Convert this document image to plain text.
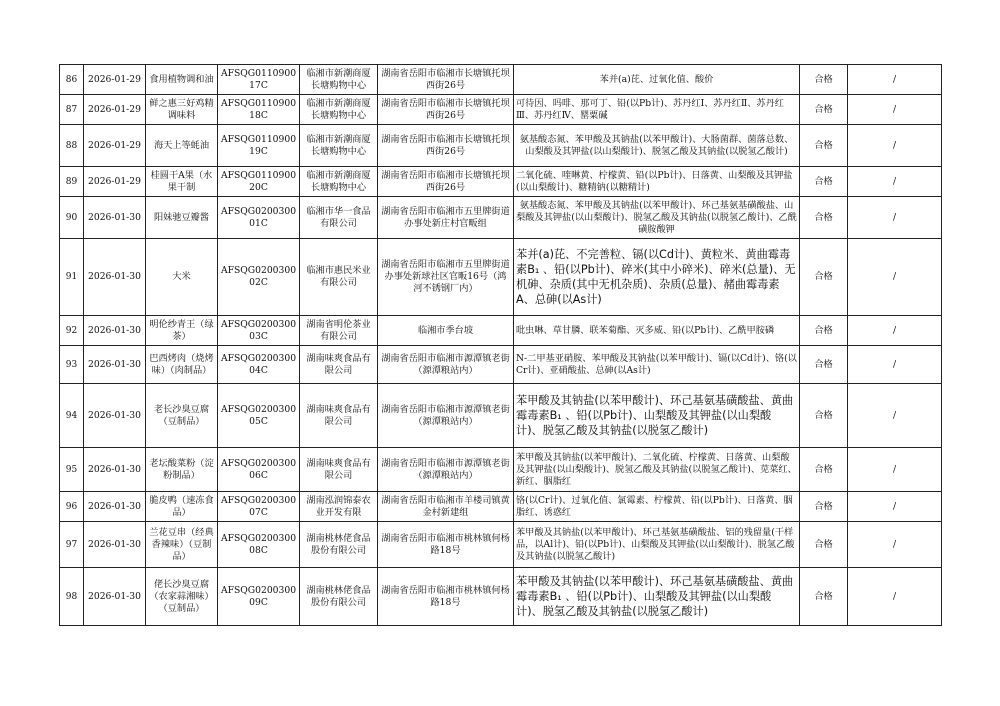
86	2026-01-29	食用植物调和油	AFSQG011090017C	临湘市新潮商厦长塘购物中心	湖南省岳阳市临湘市长塘镇托坝西街26号	苯并(a)芘、过氧化值、酸价	合格	/
87	2026-01-29	鲜之惠三好鸡精调味料	AFSQG011090018C	临湘市新潮商厦长塘购物中心	湖南省岳阳市临湘市长塘镇托坝西街26号	可待因、吗啡、那可丁、铅(以Pb计)、苏丹红Ⅰ、苏丹红Ⅱ、苏丹红Ⅲ、苏丹红Ⅳ、罂粟碱	合格	/
88	2026-01-29	海天上等蚝油	AFSQG011090019C	临湘市新潮商厦长塘购物中心	湖南省岳阳市临湘市长塘镇托坝西街26号	氨基酸态氮、苯甲酸及其钠盐(以苯甲酸计)、大肠菌群、菌落总数、山梨酸及其钾盐(以山梨酸计)、脱氢乙酸及其钠盐(以脱氢乙酸计)	合格	/
89	2026-01-29	桂圆干A果（水果干制	AFSQG011090020C	临湘市新潮商厦长塘购物中心	湖南省岳阳市临湘市长塘镇托坝西街26号	二氧化硫、喹啉黄、柠檬黄、铅(以Pb计)、日落黄、山梨酸及其钾盐(以山梨酸计)、糖精钠(以糖精计)	合格	/
90	2026-01-30	阳妹驰豆瓣酱	AFSQG020030001C	临湘市华一食品有限公司	湖南省岳阳市临湘市五里牌街道办事处新庄村官畈组	氨基酸态氮、苯甲酸及其钠盐(以苯甲酸计)、环己基氨基磺酸盐、山梨酸及其钾盐(以山梨酸计)、脱氢乙酸及其钠盐(以脱氢乙酸计)、乙酰磺胺酸钾	合格	/
91	2026-01-30	大米	AFSQG020030002C	临湘市惠民米业有限公司	湖南省岳阳市临湘市五里牌街道办事处新球社区官畈16号（鸿河不锈钢厂内）	苯并(a)芘、不完善粒、镉(以Cd计)、黄粒米、黄曲霉毒素B₁ 、铅(以Pb计)、碎米(其中小碎米)、碎米(总量)、无机砷、杂质(其中无机杂质)、杂质(总量)、赭曲霉毒素A、总砷(以As计)	合格	/
92	2026-01-30	明伦纱青王（绿茶）	AFSQG020030003C	湖南省明伦茶业有限公司	临湘市季台坡	吡虫啉、草甘膦、联苯菊酯、灭多威、铅(以Pb计)、乙酰甲胺磷	合格	/
93	2026-01-30	巴西烤肉（烧烤味）（肉制品）	AFSQG020030004C	湖南味爽食品有限公司	湖南省岳阳市临湘市源潭镇老街（源潭粮站内）	N-二甲基亚硝胺、苯甲酸及其钠盐(以苯甲酸计)、镉(以Cd计)、铬(以Cr计)、亚硝酸盐、总砷(以As计)	合格	/
94	2026-01-30	老长沙臭豆腐（豆制品）	AFSQG020030005C	湖南味爽食品有限公司	湖南省岳阳市临湘市源潭镇老街（源潭粮站内）	苯甲酸及其钠盐(以苯甲酸计)、环己基氨基磺酸盐、黄曲霉毒素B₁ 、铅(以Pb计)、山梨酸及其钾盐(以山梨酸计)、脱氢乙酸及其钠盐(以脱氢乙酸计)	合格	/
95	2026-01-30	老坛酸菜粉（淀粉制品）	AFSQG020030006C	湖南味爽食品有限公司	湖南省岳阳市临湘市源潭镇老街（源潭粮站内）	苯甲酸及其钠盐(以苯甲酸计)、二氧化硫、柠檬黄、日落黄、山梨酸及其钾盐(以山梨酸计)、脱氢乙酸及其钠盐(以脱氢乙酸计)、苋菜红、新红、胭脂红	合格	/
96	2026-01-30	脆皮鸭（速冻食品）	AFSQG020030007C	湖南泓润锦泰农业开发有限	湖南省岳阳市临湘市羊楼司镇黄金村新建组	铬(以Cr计)、过氧化值、氯霉素、柠檬黄、铅(以Pb计)、日落黄、胭脂红、诱惑红	合格	/
97	2026-01-30	兰花豆串（经典香辣味）（豆制品）	AFSQG020030008C	湖南桃林佬食品股份有限公司	湖南省岳阳市临湘市桃林镇何杨路18号	苯甲酸及其钠盐(以苯甲酸计)、环己基氨基磺酸盐、铝的残留量(干样品，以Al计)、铅(以Pb计)、山梨酸及其钾盐(以山梨酸计)、脱氢乙酸及其钠盐(以脱氢乙酸计)	合格	/
98	2026-01-30	佬长沙臭豆腐（农家蒜湘味）（豆制品）	AFSQG020030009C	湖南桃林佬食品股份有限公司	湖南省岳阳市临湘市桃林镇何杨路18号	苯甲酸及其钠盐(以苯甲酸计)、环己基氨基磺酸盐、黄曲霉毒素B₁ 、铅(以Pb计)、山梨酸及其钾盐(以山梨酸计)、脱氢乙酸及其钠盐(以脱氢乙酸计)	合格	/
